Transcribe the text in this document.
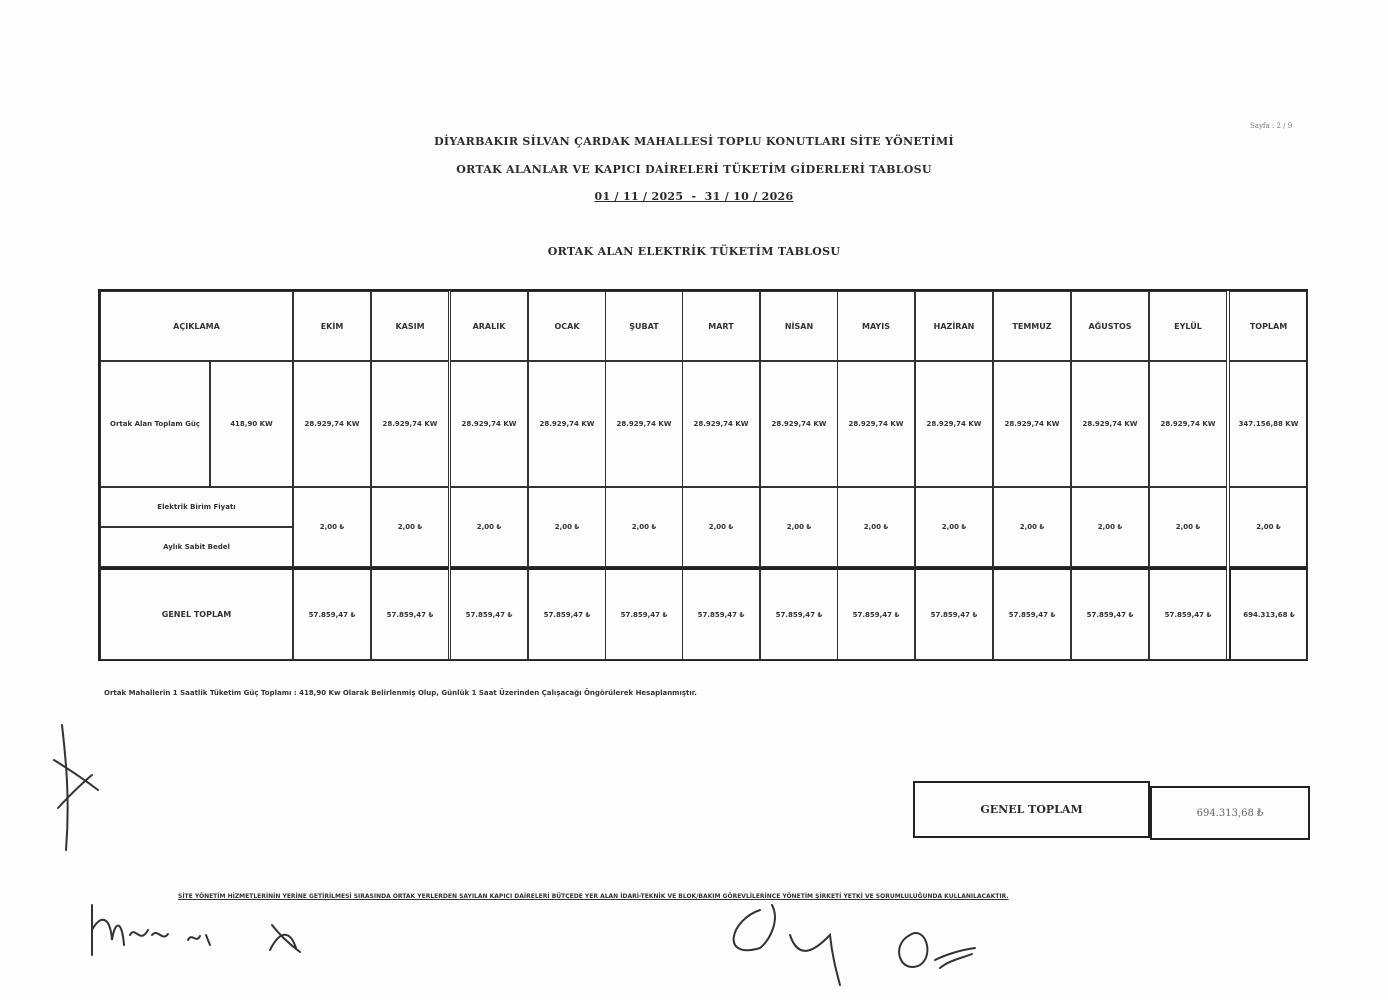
Sayfa : 2 / 9
DİYARBAKIR SİLVAN ÇARDAK MAHALLESİ TOPLU KONUTLARI SİTE YÖNETİMİ
ORTAK ALANLAR VE KAPICI DAİRELERİ TÜKETİM GİDERLERİ TABLOSU
01 / 11 / 2025  -  31 / 10 / 2026
ORTAK ALAN ELEKTRİK TÜKETİM TABLOSU
AÇIKLAMA	EKİM	KASIM	ARALIK	OCAK	ŞUBAT	MART	NİSAN	MAYIS	HAZİRAN	TEMMUZ	AĞUSTOS	EYLÜL	TOPLAM
Ortak Alan Toplam Güç	418,90 KW	28.929,74 KW	28.929,74 KW	28.929,74 KW	28.929,74 KW	28.929,74 KW	28.929,74 KW	28.929,74 KW	28.929,74 KW	28.929,74 KW	28.929,74 KW	28.929,74 KW	28.929,74 KW	347.156,88 KW
Elektrik Birim Fiyatı
Aylık Sabit Bedel
2,00 ₺	2,00 ₺	2,00 ₺	2,00 ₺	2,00 ₺	2,00 ₺	2,00 ₺	2,00 ₺	2,00 ₺	2,00 ₺	2,00 ₺	2,00 ₺	2,00 ₺
GENEL TOPLAM	57.859,47 ₺	57.859,47 ₺	57.859,47 ₺	57.859,47 ₺	57.859,47 ₺	57.859,47 ₺	57.859,47 ₺	57.859,47 ₺	57.859,47 ₺	57.859,47 ₺	57.859,47 ₺	57.859,47 ₺	694.313,68 ₺
Ortak Mahallerin 1 Saatlik Tüketim Güç Toplamı : 418,90 Kw Olarak Belirlenmiş Olup, Günlük 1 Saat Üzerinden Çalışacağı Öngörülerek Hesaplanmıştır.
GENEL TOPLAM	694.313,68 ₺
SİTE YÖNETİM HİZMETLERİNİN YERİNE GETİRİLMESİ SIRASINDA ORTAK YERLERDEN SAYILAN KAPICI DAİRELERİ BÜTÇEDE YER ALAN İDARİ-TEKNİK VE BLOK/BAKIM GÖREVLİLERİNCE YÖNETİM ŞİRKETİ YETKİ VE SORUMLULUĞUNDA KULLANILACAKTIR.
